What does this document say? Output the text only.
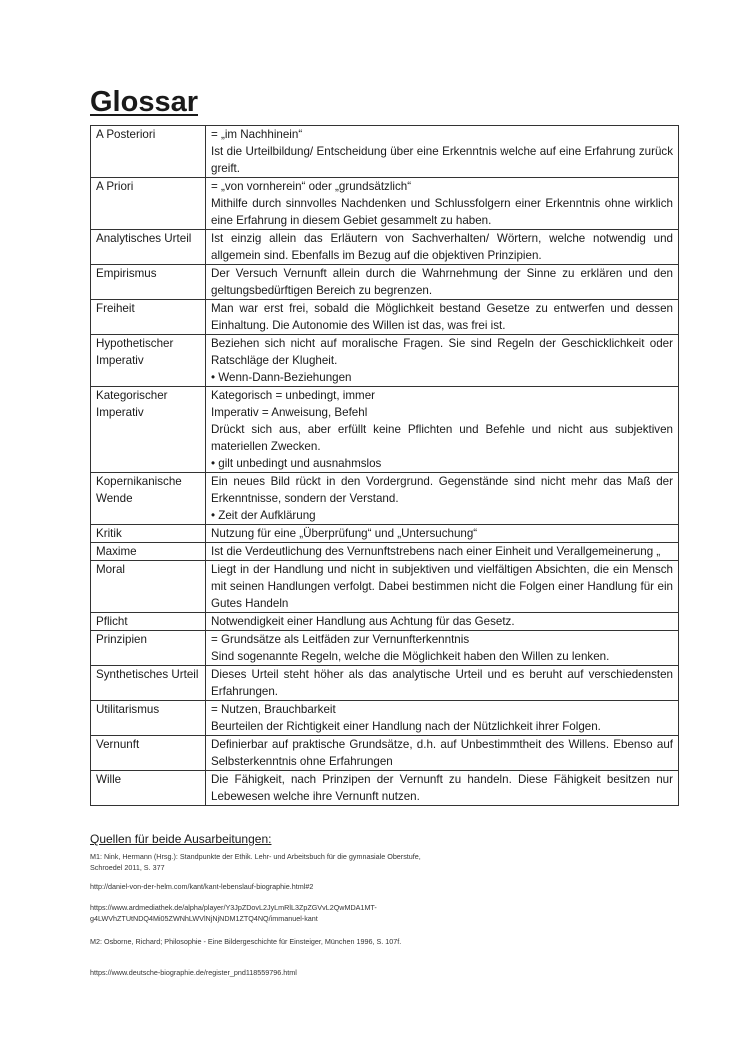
Glossar
A Posteriori	= „im Nachhinein“
Ist die Urteilbildung/ Entscheidung über eine Erkenntnis welche auf eine Erfahrung zurück greift.

A Priori	= „von vornherein“ oder „grundsätzlich“
Mithilfe durch sinnvolles Nachdenken und Schlussfolgern einer Erkenntnis ohne wirklich eine Erfahrung in diesem Gebiet gesammelt zu haben.

Analytisches Urteil	Ist einzig allein das Erläutern von Sachverhalten/ Wörtern, welche notwendig und allgemein sind. Ebenfalls im Bezug auf die objektiven Prinzipien.

Empirismus	Der Versuch Vernunft allein durch die Wahrnehmung der Sinne zu erklären und den geltungsbedürftigen Bereich zu begrenzen.

Freiheit	Man war erst frei, sobald die Möglichkeit bestand Gesetze zu entwerfen und dessen Einhaltung. Die Autonomie des Willen ist das, was frei ist.

Hypothetischer Imperativ	Beziehen sich nicht auf moralische Fragen. Sie sind Regeln der Geschicklichkeit oder Ratschläge der Klugheit.
• Wenn-Dann-Beziehungen

Kategorischer Imperativ	Kategorisch = unbedingt, immer
Imperativ = Anweisung, Befehl
Drückt sich aus, aber erfüllt keine Pflichten und Befehle und nicht aus subjektiven materiellen Zwecken.
• gilt unbedingt und ausnahmslos

Kopernikanische Wende	Ein neues Bild rückt in den Vordergrund. Gegenstände sind nicht mehr das Maß der Erkenntnisse, sondern der Verstand.
• Zeit der Aufklärung

Kritik	Nutzung für eine „Überprüfung“ und „Untersuchung“

Maxime	Ist die Verdeutlichung des Vernunftstrebens nach einer Einheit und Verallgemeinerung „

Moral	Liegt in der Handlung und nicht in subjektiven und vielfältigen Absichten, die ein Mensch mit seinen Handlungen verfolgt. Dabei bestimmen nicht die Folgen einer Handlung für ein Gutes Handeln

Pflicht	Notwendigkeit einer Handlung aus Achtung für das Gesetz.

Prinzipien	= Grundsätze als Leitfäden zur Vernunfterkenntnis
Sind sogenannte Regeln, welche die Möglichkeit haben den Willen zu lenken.

Synthetisches Urteil	Dieses Urteil steht höher als das analytische Urteil und es beruht auf verschiedensten Erfahrungen.

Utilitarismus	= Nutzen, Brauchbarkeit
Beurteilen der Richtigkeit einer Handlung nach der Nützlichkeit ihrer Folgen.

Vernunft	Definierbar auf praktische Grundsätze, d.h. auf Unbestimmtheit des Willens. Ebenso auf Selbsterkenntnis ohne Erfahrungen

Wille	Die Fähigkeit, nach Prinzipen der Vernunft zu handeln. Diese Fähigkeit besitzen nur Lebewesen welche ihre Vernunft nutzen.

Quellen für beide Ausarbeitungen:

M1: Nink, Hermann (Hrsg.): Standpunkte der Ethik. Lehr- und Arbeitsbuch für die gymnasiale Oberstufe, Schroedel 2011, S. 377

http://daniel-von-der-helm.com/kant/kant-lebenslauf-biographie.html#2

https://www.ardmediathek.de/alpha/player/Y3JpZDovL2JyLmRlL3ZpZGVvL2QwMDA1MT-g4LWVhZTUtNDQ4Mi05ZWNhLWVlNjNjNDM1ZTQ4NQ/immanuel-kant

M2: Osborne, Richard; Philosophie - Eine Bildergeschichte für Einsteiger, München 1996, S. 107f.

https://www.deutsche-biographie.de/register_pnd118559796.html
